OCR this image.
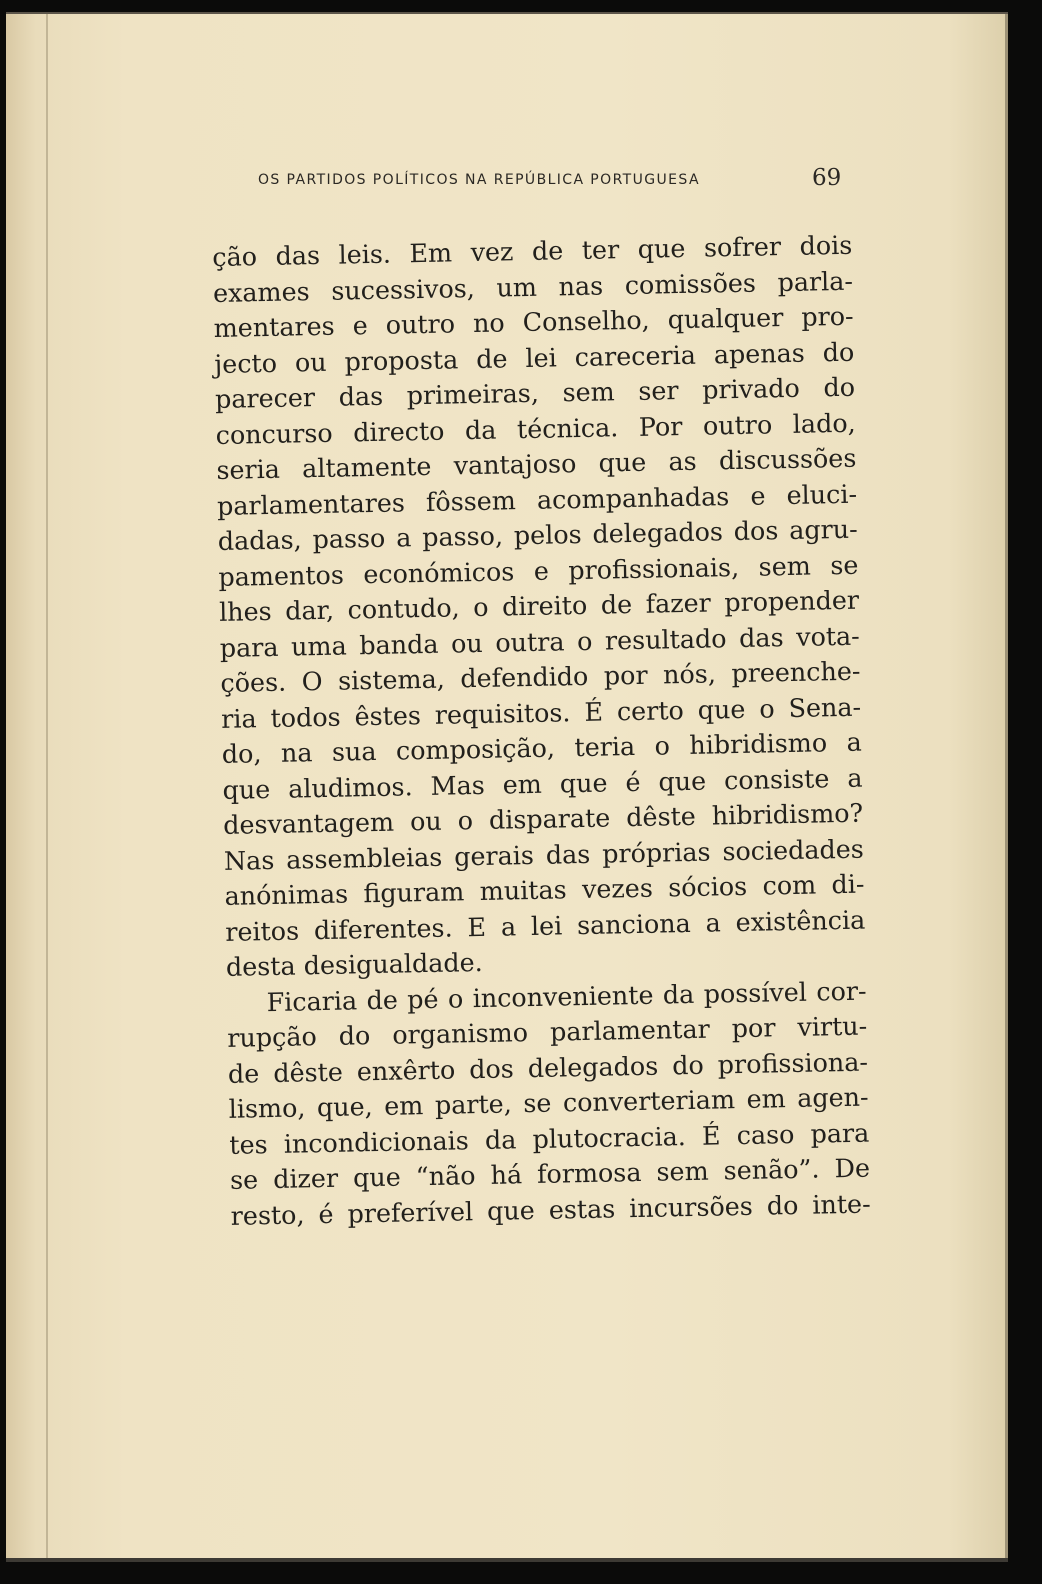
OS PARTIDOS POLÍTICOS NA REPÚBLICA PORTUGUESA	69
ção das leis. Em vez de ter que sofrer dois
exames sucessivos, um nas comissões parla-
mentares e outro no Conselho, qualquer pro-
jecto ou proposta de lei careceria apenas do
parecer das primeiras, sem ser privado do
concurso directo da técnica. Por outro lado,
seria altamente vantajoso que as discussões
parlamentares fôssem acompanhadas e eluci-
dadas, passo a passo, pelos delegados dos agru-
pamentos económicos e profissionais, sem se
lhes dar, contudo, o direito de fazer propender
para uma banda ou outra o resultado das vota-
ções. O sistema, defendido por nós, preenche-
ria todos êstes requisitos. É certo que o Sena-
do, na sua composição, teria o hibridismo a
que aludimos. Mas em que é que consiste a
desvantagem ou o disparate dêste hibridismo?
Nas assembleias gerais das próprias sociedades
anónimas figuram muitas vezes sócios com di-
reitos diferentes. E a lei sanciona a existência
desta desigualdade.
Ficaria de pé o inconveniente da possível cor-
rupção do organismo parlamentar por virtu-
de dêste enxêrto dos delegados do profissiona-
lismo, que, em parte, se converteriam em agen-
tes incondicionais da plutocracia. É caso para
se dizer que “não há formosa sem senão”. De
resto, é preferível que estas incursões do inte-
